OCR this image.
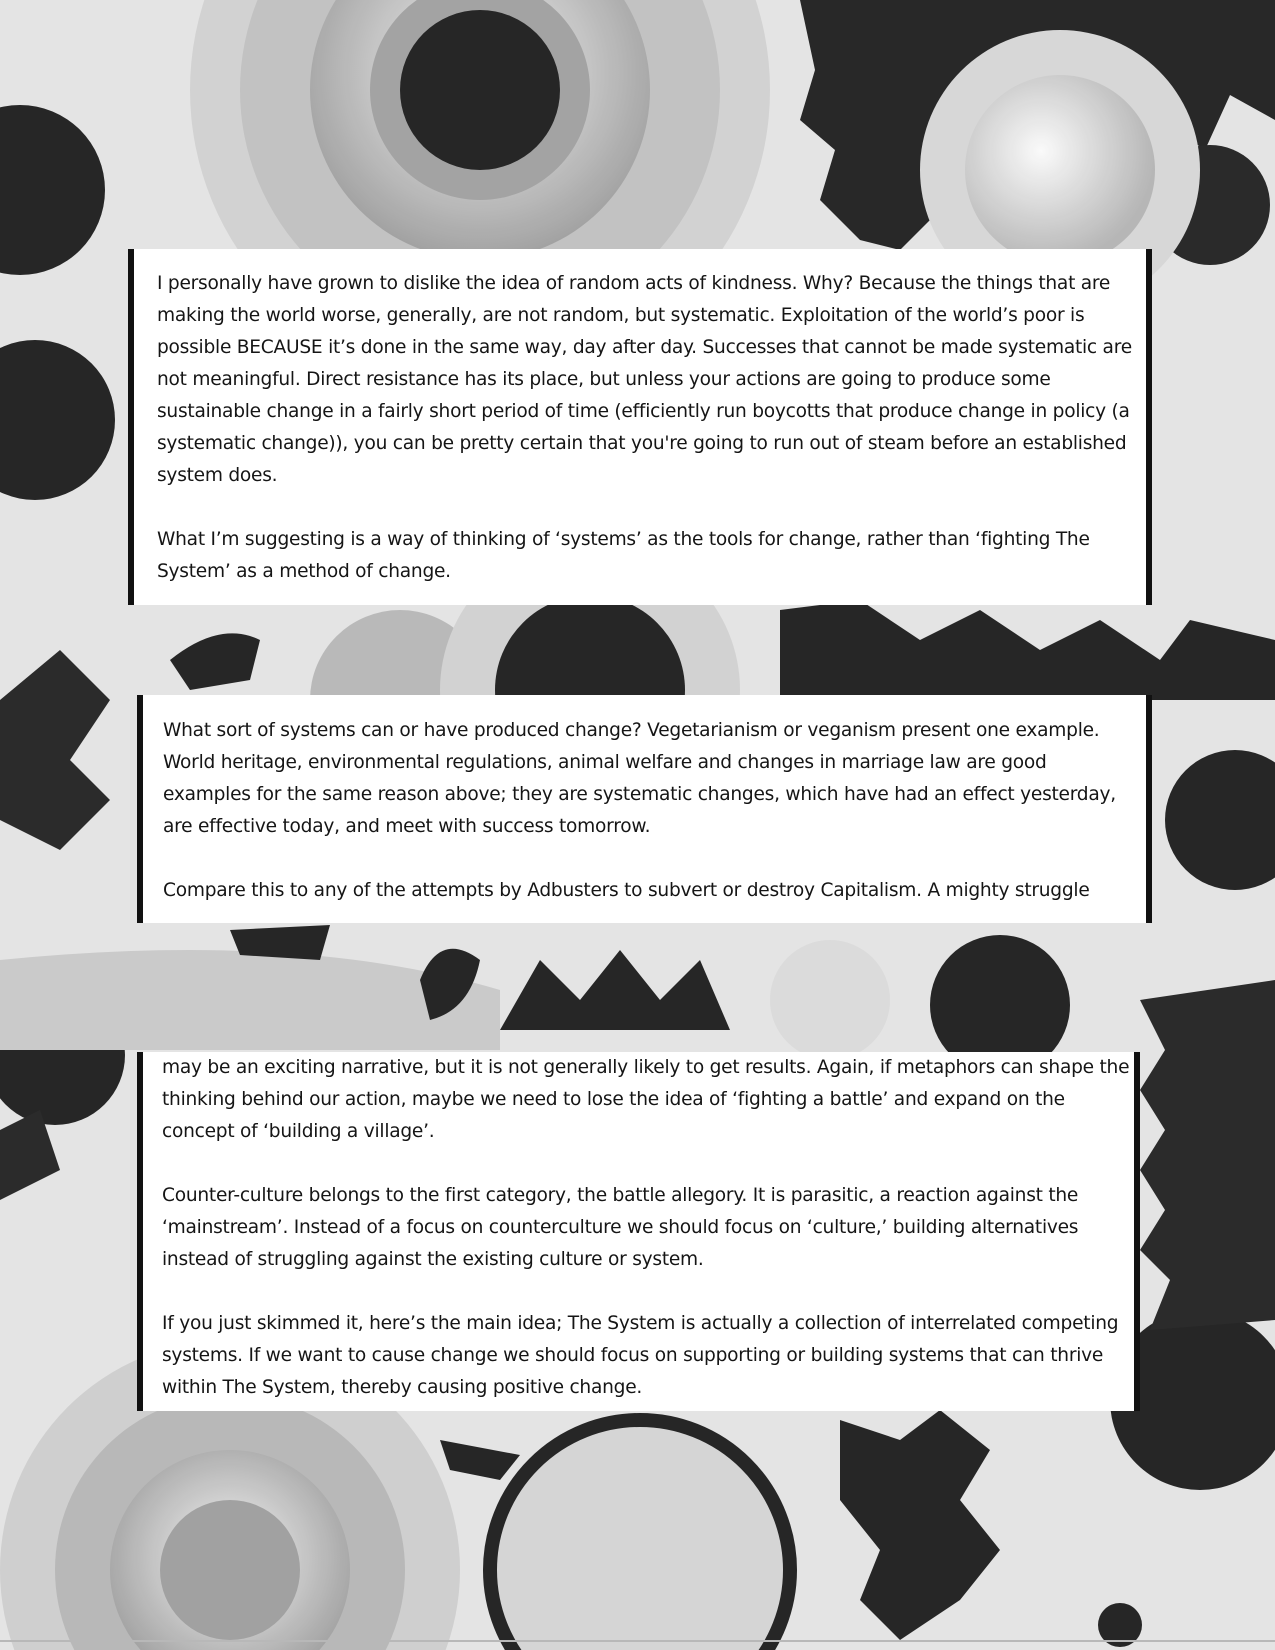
I personally have grown to dislike the idea of random acts of kindness. Why? Because the things that are making the world worse, generally, are not random, but systematic. Exploitation of the world’s poor is possible BECAUSE it’s done in the same way, day after day. Successes that cannot be made systematic are not meaningful. Direct resistance has its place, but unless your actions are going to produce some sustainable change in a fairly short period of time (efficiently run boycotts that produce change in policy (a systematic change)), you can be pretty certain that you're going to run out of steam before an established system does.

What I’m suggesting is a way of thinking of ‘systems’ as the tools for change, rather than ‘fighting The System’ as a method of change.

What sort of systems can or have produced change? Vegetarianism or veganism present one example. World heritage, environmental regulations, animal welfare and changes in marriage law are good examples for the same reason above; they are systematic changes, which have had an effect yesterday, are effective today, and meet with success tomorrow.

Compare this to any of the attempts by Adbusters to subvert or destroy Capitalism. A mighty struggle

may be an exciting narrative, but it is not generally likely to get results. Again, if metaphors can shape the thinking behind our action, maybe we need to lose the idea of ‘fighting a battle’ and expand on the concept of ‘building a village’.

Counter-culture belongs to the first category, the battle allegory. It is parasitic, a reaction against the ‘mainstream’. Instead of a focus on counterculture we should focus on ‘culture,’ building alternatives instead of struggling against the existing culture or system.

If you just skimmed it, here’s the main idea; The System is actually a collection of interrelated competing systems. If we want to cause change we should focus on supporting or building systems that can thrive within The System, thereby causing positive change.
